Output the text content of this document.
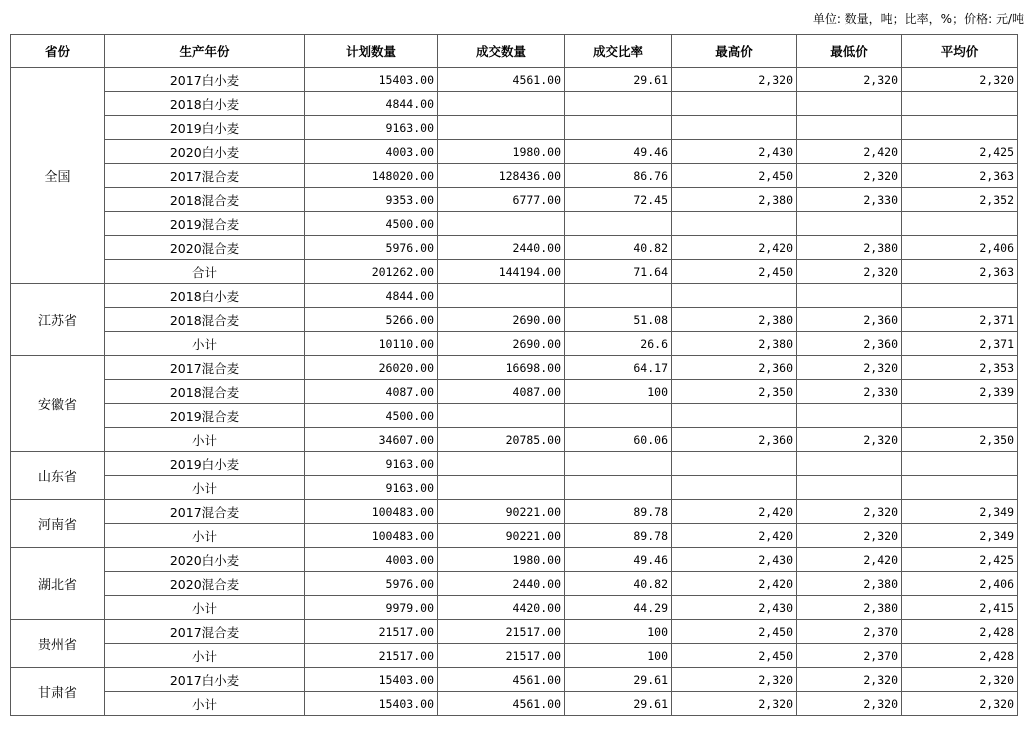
单位: 数量，吨；比率，%；价格: 元/吨
省份	生产年份	计划数量	成交数量	成交比率	最高价	最低价	平均价
全国	2017白小麦	15403.00	4561.00	29.61	2,320	2,320	2,320
	2018白小麦	4844.00					
	2019白小麦	9163.00					
	2020白小麦	4003.00	1980.00	49.46	2,430	2,420	2,425
	2017混合麦	148020.00	128436.00	86.76	2,450	2,320	2,363
	2018混合麦	9353.00	6777.00	72.45	2,380	2,330	2,352
	2019混合麦	4500.00					
	2020混合麦	5976.00	2440.00	40.82	2,420	2,380	2,406
	合计	201262.00	144194.00	71.64	2,450	2,320	2,363
江苏省	2018白小麦	4844.00					
	2018混合麦	5266.00	2690.00	51.08	2,380	2,360	2,371
	小计	10110.00	2690.00	26.6	2,380	2,360	2,371
安徽省	2017混合麦	26020.00	16698.00	64.17	2,360	2,320	2,353
	2018混合麦	4087.00	4087.00	100	2,350	2,330	2,339
	2019混合麦	4500.00					
	小计	34607.00	20785.00	60.06	2,360	2,320	2,350
山东省	2019白小麦	9163.00					
	小计	9163.00					
河南省	2017混合麦	100483.00	90221.00	89.78	2,420	2,320	2,349
	小计	100483.00	90221.00	89.78	2,420	2,320	2,349
湖北省	2020白小麦	4003.00	1980.00	49.46	2,430	2,420	2,425
	2020混合麦	5976.00	2440.00	40.82	2,420	2,380	2,406
	小计	9979.00	4420.00	44.29	2,430	2,380	2,415
贵州省	2017混合麦	21517.00	21517.00	100	2,450	2,370	2,428
	小计	21517.00	21517.00	100	2,450	2,370	2,428
甘肃省	2017白小麦	15403.00	4561.00	29.61	2,320	2,320	2,320
	小计	15403.00	4561.00	29.61	2,320	2,320	2,320
